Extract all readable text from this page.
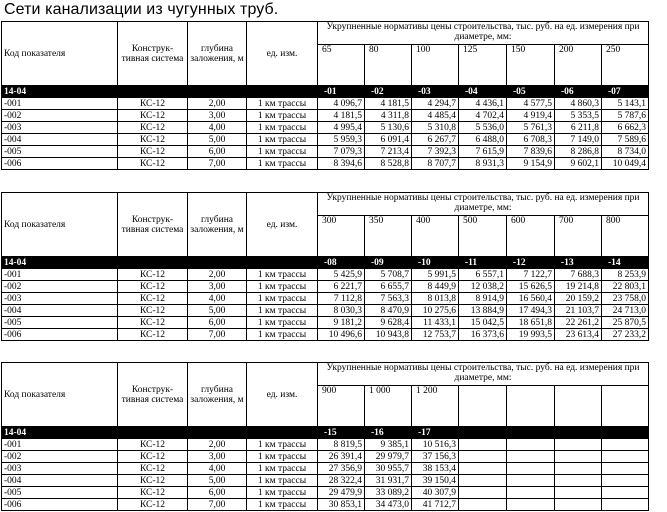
Сети канализации из чугунных труб.
Код показателя	Конструк-тивная система	глубина заложения, м	ед. изм.	Укрупненные нормативы цены строительства, тыс. руб. на ед. измерения при диаметре, мм:						
				65	80	100	125	150	200	250
14-04				-01	-02	-03	-04	-05	-06	-07
-001	КС-12	2,00	1 км трассы	4 096,7	4 181,5	4 294,7	4 436,1	4 577,5	4 860,3	5 143,1
-002	КС-12	3,00	1 км трассы	4 181,5	4 311,8	4 485,4	4 702,4	4 919,4	5 353,5	5 787,6
-003	КС-12	4,00	1 км трассы	4 995,4	5 130,6	5 310,8	5 536,0	5 761,3	6 211,8	6 662,3
-004	КС-12	5,00	1 км трассы	5 959,3	6 091,4	6 267,7	6 488,0	6 708,3	7 149,0	7 589,6
-005	КС-12	6,00	1 км трассы	7 079,3	7 213,4	7 392,3	7 615,9	7 839,6	8 286,8	8 734,0
-006	КС-12	7,00	1 км трассы	8 394,6	8 528,8	8 707,7	8 931,3	9 154,9	9 602,1	10 049,4
Код показателя	Конструк-тивная система	глубина заложения, м	ед. изм.	Укрупненные нормативы цены строительства, тыс. руб. на ед. измерения при диаметре, мм:						
				300	350	400	500	600	700	800
14-04				-08	-09	-10	-11	-12	-13	-14
-001	КС-12	2,00	1 км трассы	5 425,9	5 708,7	5 991,5	6 557,1	7 122,7	7 688,3	8 253,9
-002	КС-12	3,00	1 км трассы	6 221,7	6 655,7	8 449,9	12 038,2	15 626,5	19 214,8	22 803,1
-003	КС-12	4,00	1 км трассы	7 112,8	7 563,3	8 013,8	8 914,9	16 560,4	20 159,2	23 758,0
-004	КС-12	5,00	1 км трассы	8 030,3	8 470,9	10 275,6	13 884,9	17 494,3	21 103,7	24 713,0
-005	КС-12	6,00	1 км трассы	9 181,2	9 628,4	11 433,1	15 042,5	18 651,8	22 261,2	25 870,5
-006	КС-12	7,00	1 км трассы	10 496,6	10 943,8	12 753,7	16 373,6	19 993,5	23 613,4	27 233,2
Код показателя	Конструк-тивная система	глубина заложения, м	ед. изм.	Укрупненные нормативы цены строительства, тыс. руб. на ед. измерения при диаметре, мм:						
				900	1 000	1 200				
14-04				-15	-16	-17				
-001	КС-12	2,00	1 км трассы	8 819,5	9 385,1	10 516,3				
-002	КС-12	3,00	1 км трассы	26 391,4	29 979,7	37 156,3				
-003	КС-12	4,00	1 км трассы	27 356,9	30 955,7	38 153,4				
-004	КС-12	5,00	1 км трассы	28 322,4	31 931,7	39 150,4				
-005	КС-12	6,00	1 км трассы	29 479,9	33 089,2	40 307,9				
-006	КС-12	7,00	1 км трассы	30 853,1	34 473,0	41 712,7				
